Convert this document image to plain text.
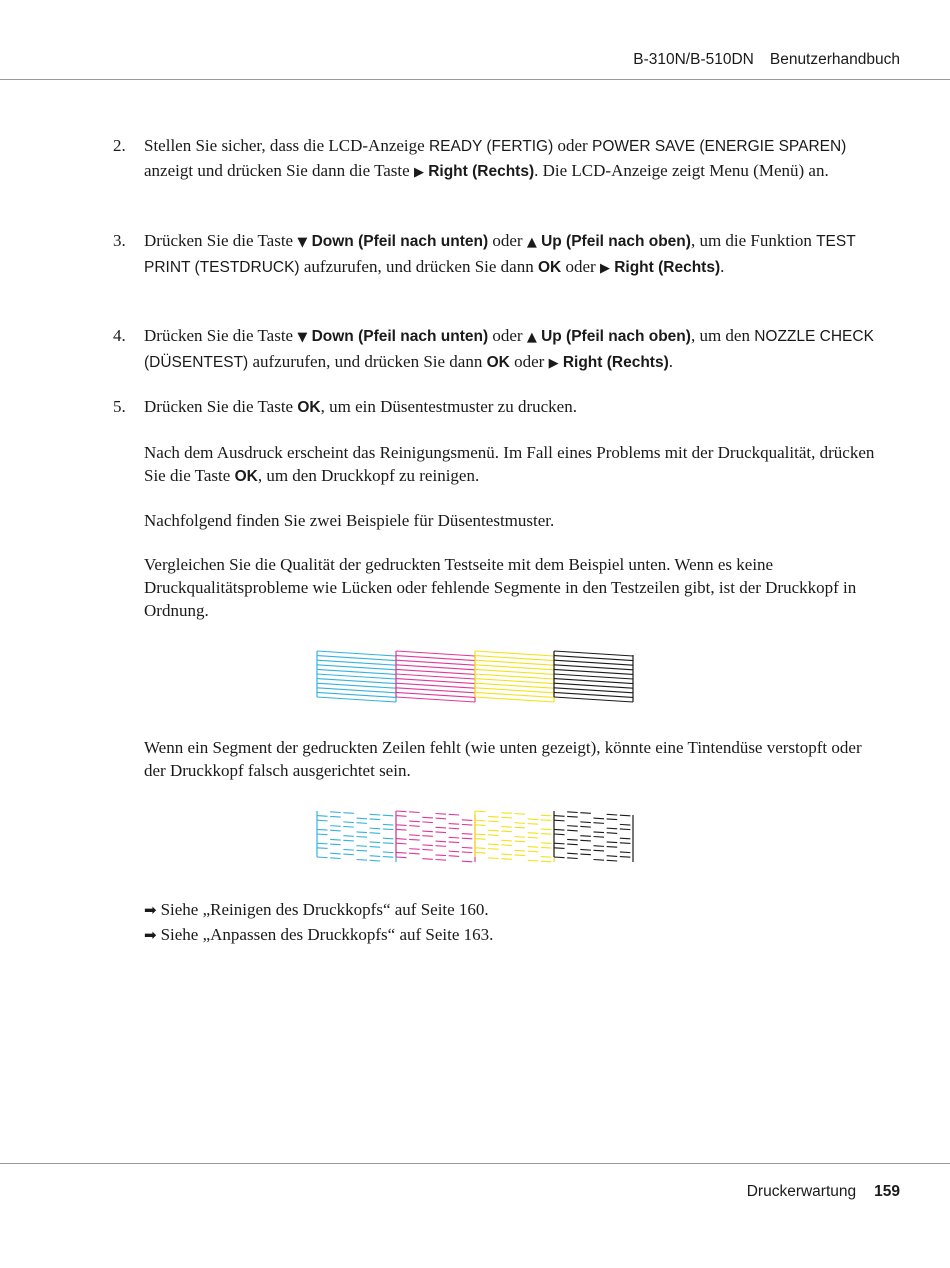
B-310N/B-510DN Benutzerhandbuch
2.	Stellen Sie sicher, dass die LCD-Anzeige READY (FERTIG) oder POWER SAVE (ENERGIE SPAREN)
anzeigt und drücken Sie dann die Taste ▶ Right (Rechts). Die LCD-Anzeige zeigt Menu (Menü) an.
3.	Drücken Sie die Taste ▼ Down (Pfeil nach unten) oder ▲ Up (Pfeil nach oben), um die Funktion TEST PRINT (TESTDRUCK) aufzurufen, und drücken Sie dann OK oder ▶ Right (Rechts).
4.	Drücken Sie die Taste ▼ Down (Pfeil nach unten) oder ▲ Up (Pfeil nach oben), um den NOZZLE CHECK (DÜSENTEST) aufzurufen, und drücken Sie dann OK oder ▶ Right (Rechts).
5.	Drücken Sie die Taste OK, um ein Düsentestmuster zu drucken.
Nach dem Ausdruck erscheint das Reinigungsmenü. Im Fall eines Problems mit der Druckqualität, drücken Sie die Taste OK, um den Druckkopf zu reinigen.
Nachfolgend finden Sie zwei Beispiele für Düsentestmuster.
Vergleichen Sie die Qualität der gedruckten Testseite mit dem Beispiel unten. Wenn es keine Druckqualitätsprobleme wie Lücken oder fehlende Segmente in den Testzeilen gibt, ist der Druckkopf in Ordnung.
Wenn ein Segment der gedruckten Zeilen fehlt (wie unten gezeigt), könnte eine Tintendüse verstopft oder der Druckkopf falsch ausgerichtet sein.
➡ Siehe „Reinigen des Druckkopfs“ auf Seite 160.
➡ Siehe „Anpassen des Druckkopfs“ auf Seite 163.
Druckerwartung 159
